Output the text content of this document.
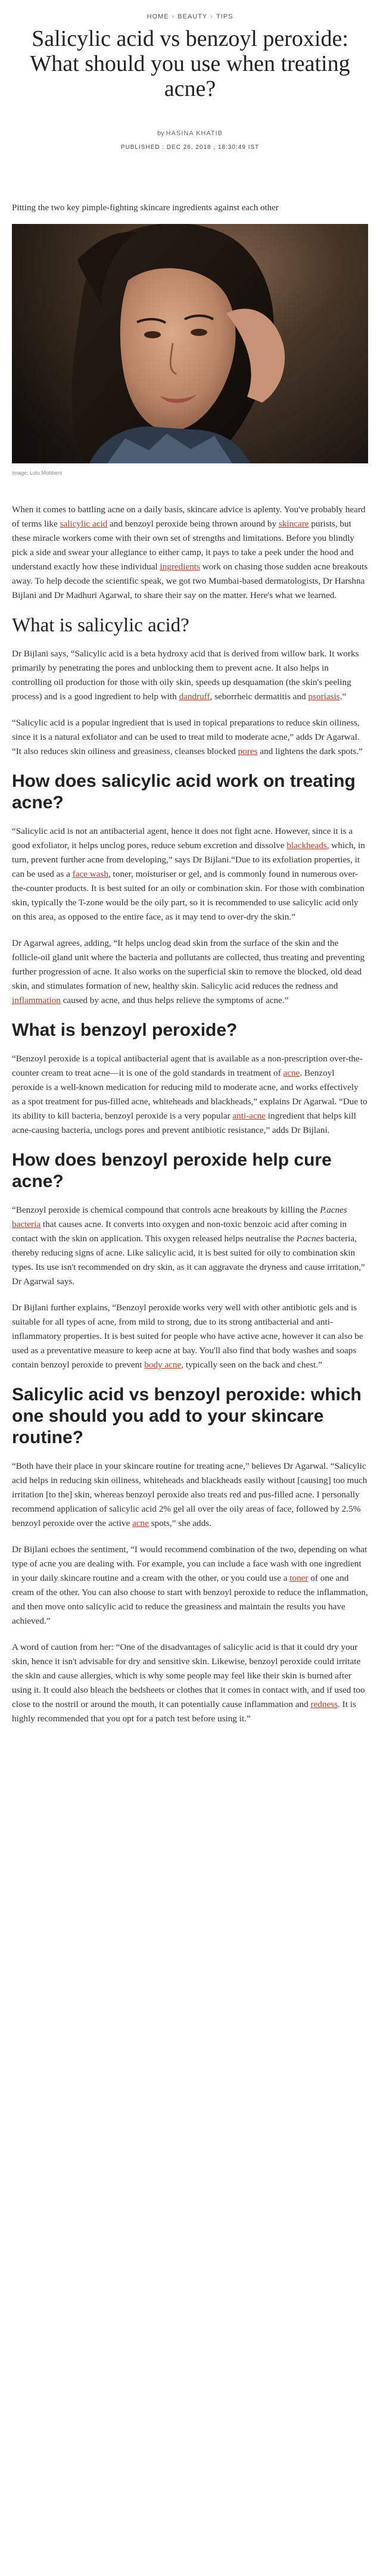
HOME › BEAUTY › TIPS
Salicylic acid vs benzoyl peroxide: What should you use when treating acne?
by HASINA KHATIB
PUBLISHED : DEC 26, 2018 , 18:30:49 IST
Pitting the two key pimple-fighting skincare ingredients against each other
Image: Lulu Mobbers

When it comes to battling acne on a daily basis, skincare advice is aplenty. You've probably heard of terms like salicylic acid and benzoyl peroxide being thrown around by skincare purists, but these miracle workers come with their own set of strengths and limitations. Before you blindly pick a side and swear your allegiance to either camp, it pays to take a peek under the hood and understand exactly how these individual ingredients work on chasing those sudden acne breakouts away. To help decode the scientific speak, we got two Mumbai-based dermatologists, Dr Harshna Bijlani and Dr Madhuri Agarwal, to share their say on the matter. Here's what we learned.

What is salicylic acid?

Dr Bijlani says, “Salicylic acid is a beta hydroxy acid that is derived from willow bark. It works primarily by penetrating the pores and unblocking them to prevent acne. It also helps in controlling oil production for those with oily skin, speeds up desquamation (the skin's peeling process) and is a good ingredient to help with dandruff, seborrheic dermatitis and psoriasis.”

“Salicylic acid is a popular ingredient that is used in topical preparations to reduce skin oiliness, since it is a natural exfoliator and can be used to treat mild to moderate acne,” adds Dr Agarwal. “It also reduces skin oiliness and greasiness, cleanses blocked pores and lightens the dark spots.”

How does salicylic acid work on treating acne?

“Salicylic acid is not an antibacterial agent, hence it does not fight acne. However, since it is a good exfoliator, it helps unclog pores, reduce sebum excretion and dissolve blackheads, which, in turn, prevent further acne from developing,” says Dr Bijlani.“Due to its exfoliation properties, it can be used as a face wash, toner, moisturiser or gel, and is commonly found in numerous over-the-counter products. It is best suited for an oily or combination skin. For those with combination skin, typically the T-zone would be the oily part, so it is recommended to use salicylic acid only on this area, as opposed to the entire face, as it may tend to over-dry the skin.”

Dr Agarwal agrees, adding, “It helps unclog dead skin from the surface of the skin and the follicle-oil gland unit where the bacteria and pollutants are collected, thus treating and preventing further progression of acne. It also works on the superficial skin to remove the blocked, old dead skin, and stimulates formation of new, healthy skin. Salicylic acid reduces the redness and inflammation caused by acne, and thus helps relieve the symptoms of acne.”

What is benzoyl peroxide?

“Benzoyl peroxide is a topical antibacterial agent that is available as a non-prescription over-the-counter cream to treat acne—it is one of the gold standards in treatment of acne. Benzoyl peroxide is a well-known medication for reducing mild to moderate acne, and works effectively as a spot treatment for pus-filled acne, whiteheads and blackheads,” explains Dr Agarwal. “Due to its ability to kill bacteria, benzoyl peroxide is a very popular anti-acne ingredient that helps kill acne-causing bacteria, unclogs pores and prevent antibiotic resistance,” adds Dr Bijlani.

How does benzoyl peroxide help cure acne?

“Benzoyl peroxide is chemical compound that controls acne breakouts by killing the P.acnes bacteria that causes acne. It converts into oxygen and non-toxic benzoic acid after coming in contact with the skin on application. This oxygen released helps neutralise the P.acnes bacteria, thereby reducing signs of acne. Like salicylic acid, it is best suited for oily to combination skin types. Its use isn't recommended on dry skin, as it can aggravate the dryness and cause irritation,” Dr Agarwal says.

Dr Bijlani further explains, “Benzoyl peroxide works very well with other antibiotic gels and is suitable for all types of acne, from mild to strong, due to its strong antibacterial and anti-inflammatory properties. It is best suited for people who have active acne, however it can also be used as a preventative measure to keep acne at bay. You'll also find that body washes and soaps contain benzoyl peroxide to prevent body acne, typically seen on the back and chest.”

Salicylic acid vs benzoyl peroxide: which one should you add to your skincare routine?

“Both have their place in your skincare routine for treating acne,” believes Dr Agarwal. “Salicylic acid helps in reducing skin oiliness, whiteheads and blackheads easily without [causing] too much irritation [to the] skin, whereas benzoyl peroxide also treats red and pus-filled acne. I personally recommend application of salicylic acid 2% gel all over the oily areas of face, followed by 2.5% benzoyl peroxide over the active acne spots,” she adds.

Dr Bijlani echoes the sentiment, “I would recommend combination of the two, depending on what type of acne you are dealing with. For example, you can include a face wash with one ingredient in your daily skincare routine and a cream with the other, or you could use a toner of one and cream of the other. You can also choose to start with benzoyl peroxide to reduce the inflammation, and then move onto salicylic acid to reduce the greasiness and maintain the results you have achieved.”

A word of caution from her: “One of the disadvantages of salicylic acid is that it could dry your skin, hence it isn't advisable for dry and sensitive skin. Likewise, benzoyl peroxide could irritate the skin and cause allergies, which is why some people may feel like their skin is burned after using it. It could also bleach the bedsheets or clothes that it comes in contact with, and if used too close to the nostril or around the mouth, it can potentially cause inflammation and redness. It is highly recommended that you opt for a patch test before using it.”
